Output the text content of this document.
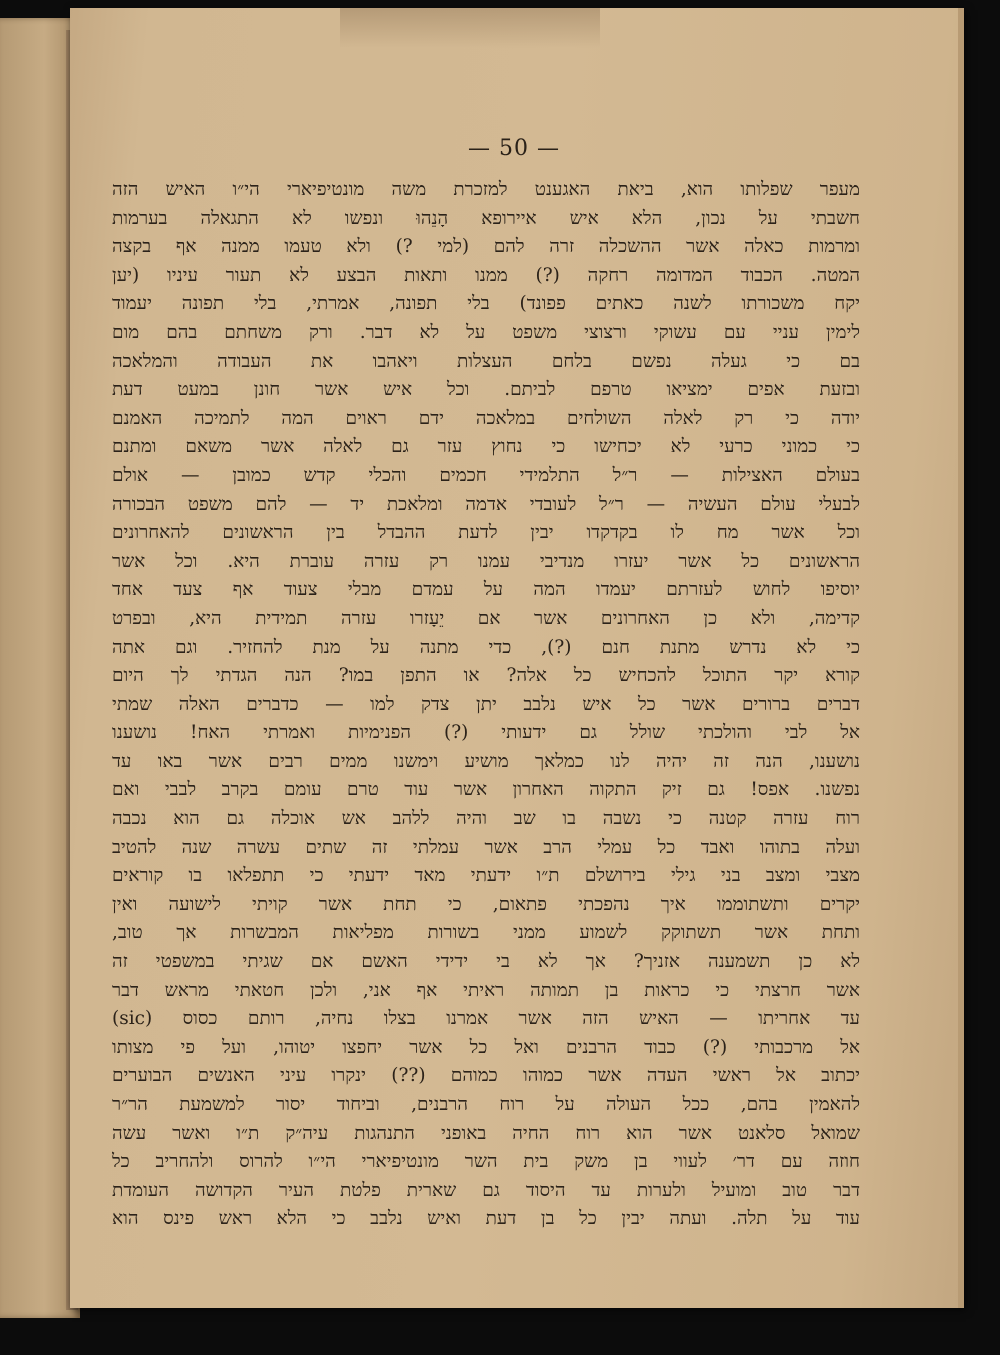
— 50 —
מעפר שפלותו הוא, ביאת האגענט למזכרת משה מונטיפיארי הי״ו האיש הזה
חשבתי על נכון, הלא איש איירופא הָנֵהוּ ונפשו לא התגאלה בערמות
ומרמות כאלה אשר ההשכלה זרה להם (למי ?) ולא טעמו ממנה אף בקצה
המטה. הכבוד המדומה רחקה (?) ממנו ותאות הבצע לא תעור עיניו (יען
יקח משכורתו לשנה כאתים פפונד) בלי תפונה, אמרתי, בלי תפונה יעמוד
לימין עניי עם עשוקי ורצוצי משפט על לא דבר. ורק משחתם בהם מום
בם כי געלה נפשם בלחם העצלות ויאהבו את העבודה והמלאכה
ובזעת אפים ימציאו טרפם לביתם. וכל איש אשר חונן במעט דעת
יודה כי רק לאלה השולחים במלאכה ידם ראוים המה לתמיכה האמנם
כי כמוני כרעי לא יכחישו כי נחוץ עזר גם לאלה אשר משאם ומתנם
בעולם האצילות — ר״ל התלמידי חכמים והכלי קדש כמובן — אולם
לבעלי עולם העשיה — ר״ל לעובדי אדמה ומלאכת יד — להם משפט הבכורה
וכל אשר מח לו בקדקדו יבין לדעת ההבדל בין הראשונים להאחרונים
הראשונים כל אשר יעזרו מנדיבי עמנו רק עזרה עוברת היא. וכל אשר
יוסיפו לחוש לעזרתם יעמדו המה על עמדם מבלי צעוד אף צעד אחד
קדימה, ולא כן האחרונים אשר אם יֵעָזרו עזרה תמידית היא, ובפרט
כי לא נדרש מתנת חנם (?), כדי מתנה על מנת להחזיר. וגם אתה
קורא יקר התוכל להכחיש כל אלה? או התפן במו? הנה הגדתי לך היום
דברים ברורים אשר כל איש נלבב יתן צדק למו — כדברים האלה שמתי
אל לבי והולכתי שולל גם ידעותי (?) הפנימיות ואמרתי האח! נושענו
נושענו, הנה זה יהיה לנו כמלאך מושיע וימשנו ממים רבים אשר באו עד
נפשנו. אפס! גם זיק התקוה האחרון אשר עוד טרם עומם בקרב לבבי ואם
רוח עזרה קטנה כי נשבה בו שב והיה ללהב אש אוכלה גם הוא נכבה
ועלה בתוהו ואבד כל עמלי הרב אשר עמלתי זה שתים עשרה שנה להטיב
מצבי ומצב בני גילי בירושלם ת״ו ידעתי מאד ידעתי כי תתפלאו בו קוראים
יקרים ותשתוממו איך נהפכתי פתאום, כי תחת אשר קויתי לישועה ואין
ותחת אשר תשתוקק לשמוע ממני בשורות מפליאות המבשרות אך טוב,
לא כן תשמענה אזניך? אך לא בי ידידי האשם אם שגיתי במשפטי זה
אשר חרצתי כי כראות בן תמותה ראיתי אף אני, ולכן חטאתי מראש דבר
עד אחריתו — האיש הזה אשר אמרנו בצלו נחיה, רותם כסוס (sic)
אל מרכבותי (?) כבוד הרבנים ואל כל אשר יחפצו יטוהו, ועל פי מצותו
יכתוב אל ראשי העדה אשר כמוהו כמוהם (??) ינקרו עיני האנשים הבוערים
להאמין בהם, ככל העולה על רוח הרבנים, וביחוד יסור למשמעת הר״ר
שמואל סלאנט אשר הוא רוח החיה באופני התנהגות עיה״ק ת״ו ואשר עשה
חוזה עם דר׳ לעווי בן משק בית השר מונטיפיארי הי״ו להרוס ולהחריב כל
דבר טוב ומועיל ולערות עד היסוד גם שארית פלטת העיר הקדושה העומדת
עוד על תלה. ועתה יבין כל בן דעת ואיש נלבב כי הלא ראש פינס הוא
